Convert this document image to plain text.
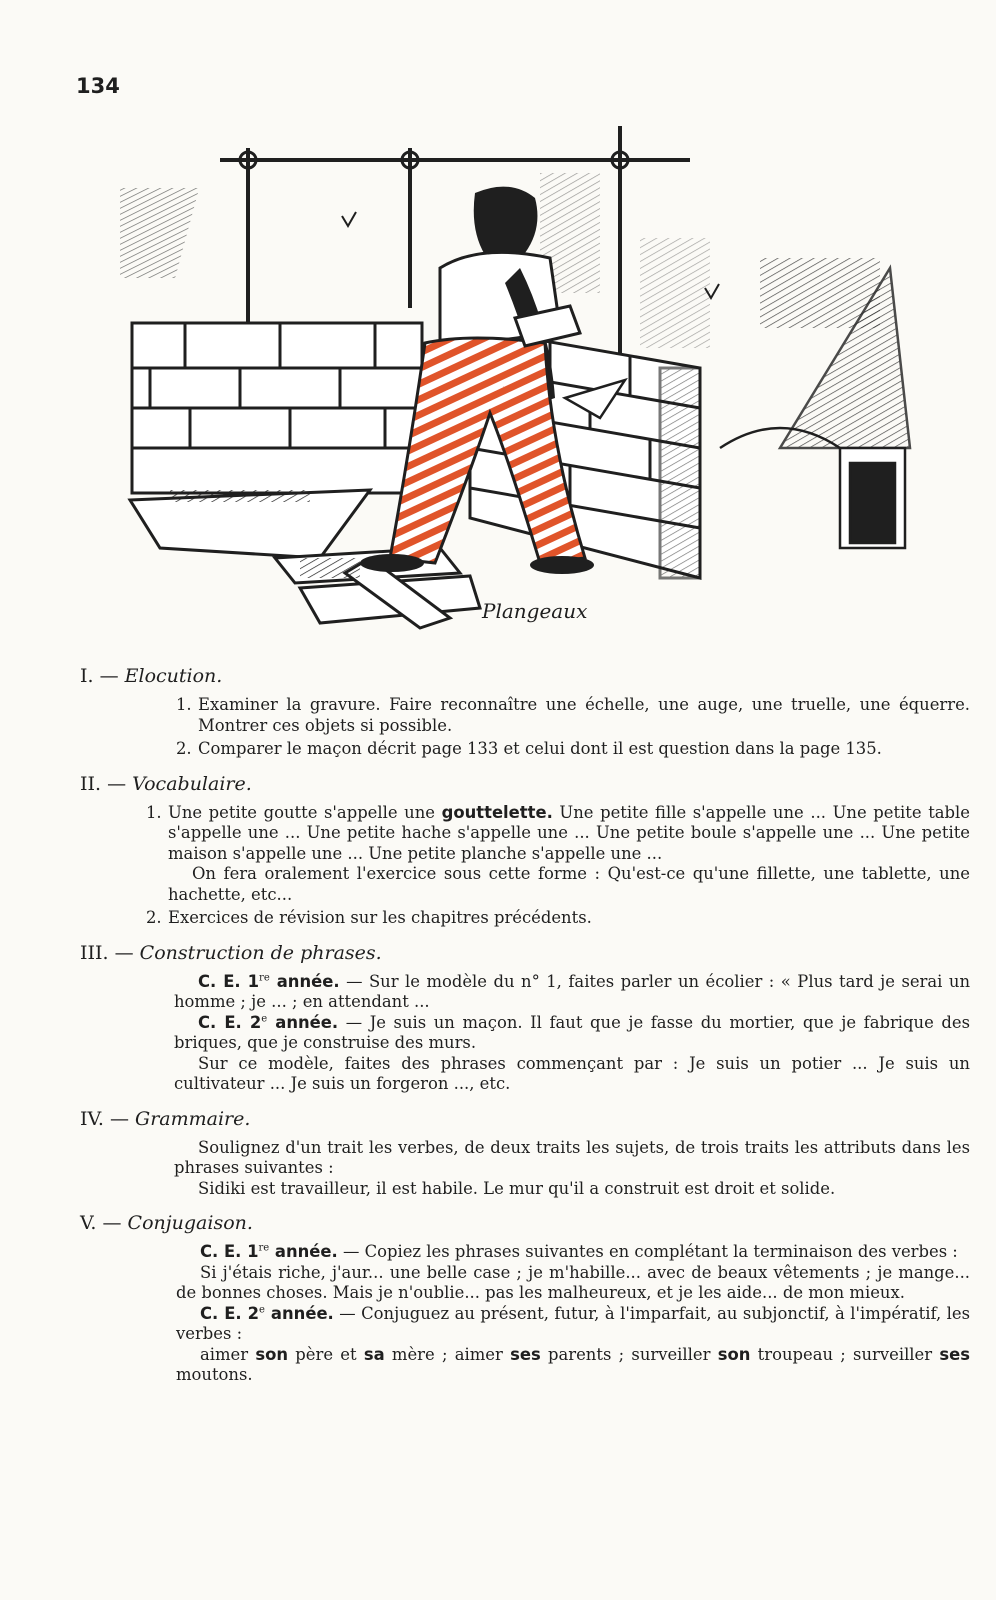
134
Plangeaux
I. — Elocution.
1. Examiner la gravure. Faire reconnaître une échelle, une auge, une truelle, une équerre. Montrer ces objets si possible.
2. Comparer le maçon décrit page 133 et celui dont il est question dans la page 135.
II. — Vocabulaire.
1. Une petite goutte s'appelle une gouttelette. Une petite fille s'appelle une ... Une petite table s'appelle une ... Une petite hache s'appelle une ... Une petite boule s'appelle une ... Une petite maison s'appelle une ... Une petite planche s'appelle une ...
On fera oralement l'exercice sous cette forme : Qu'est-ce qu'une fillette, une tablette, une hachette, etc...
2. Exercices de révision sur les chapitres précédents.
III. — Construction de phrases.
C. E. 1re année. — Sur le modèle du n° 1, faites parler un écolier : « Plus tard je serai un homme ; je ... ; en attendant ...
C. E. 2e année. — Je suis un maçon. Il faut que je fasse du mortier, que je fabrique des briques, que je construise des murs.
Sur ce modèle, faites des phrases commençant par : Je suis un potier ... Je suis un cultivateur ... Je suis un forgeron ..., etc.
IV. — Grammaire.
Soulignez d'un trait les verbes, de deux traits les sujets, de trois traits les attributs dans les phrases suivantes :
Sidiki est travailleur, il est habile. Le mur qu'il a construit est droit et solide.
V. — Conjugaison.
C. E. 1re année. — Copiez les phrases suivantes en complétant la terminaison des verbes :
Si j'étais riche, j'aur... une belle case ; je m'habille... avec de beaux vêtements ; je mange... de bonnes choses. Mais je n'oublie... pas les malheureux, et je les aide... de mon mieux.
C. E. 2e année. — Conjuguez au présent, futur, à l'imparfait, au subjonctif, à l'impératif, les verbes :
aimer son père et sa mère ; aimer ses parents ; surveiller son troupeau ; surveiller ses moutons.
